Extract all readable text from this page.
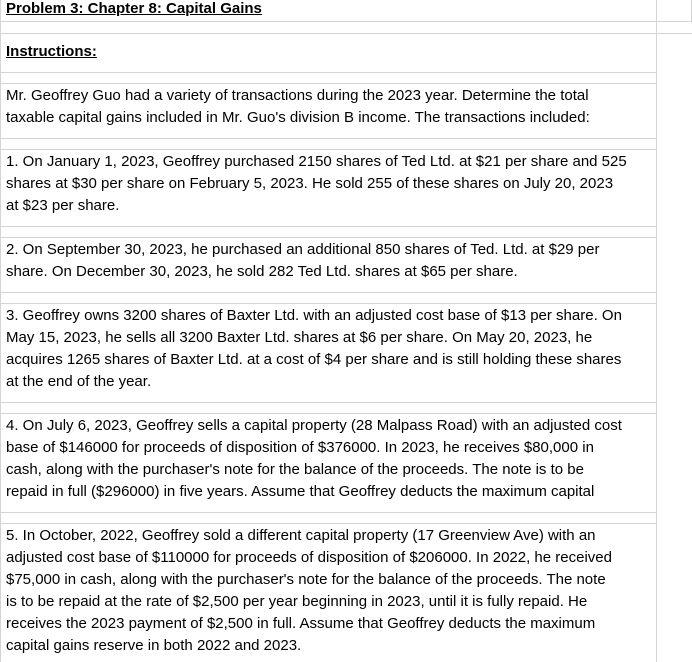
Problem 3: Chapter 8: Capital Gains
Instructions:
Mr. Geoffrey Guo had a variety of transactions during the 2023 year. Determine the total
taxable capital gains included in Mr. Guo's division B income. The transactions included:
1. On January 1, 2023, Geoffrey purchased 2150 shares of Ted Ltd. at $21 per share and 525
shares at $30 per share on February 5, 2023. He sold 255 of these shares on July 20, 2023
at $23 per share.
2. On September 30, 2023, he purchased an additional 850 shares of Ted. Ltd. at $29 per
share. On December 30, 2023, he sold 282 Ted Ltd. shares at $65 per share.
3. Geoffrey owns 3200 shares of Baxter Ltd. with an adjusted cost base of $13 per share. On
May 15, 2023, he sells all 3200 Baxter Ltd. shares at $6 per share. On May 20, 2023, he
acquires 1265 shares of Baxter Ltd. at a cost of $4 per share and is still holding these shares
at the end of the year.
4. On July 6, 2023, Geoffrey sells a capital property (28 Malpass Road) with an adjusted cost
base of $146000 for proceeds of disposition of $376000. In 2023, he receives $80,000 in
cash, along with the purchaser's note for the balance of the proceeds. The note is to be
repaid in full ($296000) in five years. Assume that Geoffrey deducts the maximum capital
5. In October, 2022, Geoffrey sold a different capital property (17 Greenview Ave) with an
adjusted cost base of $110000 for proceeds of disposition of $206000. In 2022, he received
$75,000 in cash, along with the purchaser's note for the balance of the proceeds. The note
is to be repaid at the rate of $2,500 per year beginning in 2023, until it is fully repaid. He
receives the 2023 payment of $2,500 in full. Assume that Geoffrey deducts the maximum
capital gains reserve in both 2022 and 2023.
